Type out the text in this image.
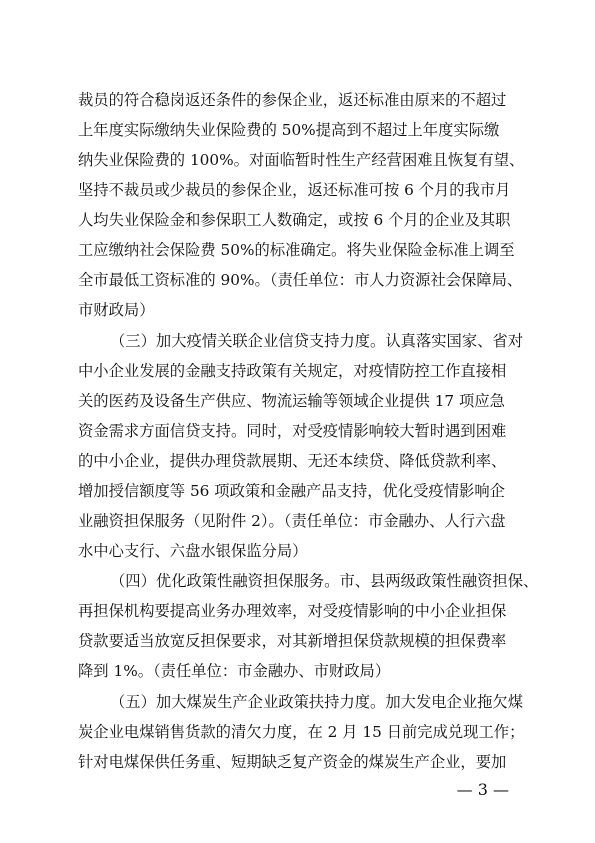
裁员的符合稳岗返还条件的参保企业，返还标准由原来的不超过
上年度实际缴纳失业保险费的 50%提高到不超过上年度实际缴
纳失业保险费的 100%。对面临暂时性生产经营困难且恢复有望、
坚持不裁员或少裁员的参保企业，返还标准可按 6 个月的我市月
人均失业保险金和参保职工人数确定，或按 6 个月的企业及其职
工应缴纳社会保险费 50%的标准确定。将失业保险金标准上调至
全市最低工资标准的 90%。（责任单位：市人力资源社会保障局、
市财政局）
（三）加大疫情关联企业信贷支持力度。认真落实国家、省对
中小企业发展的金融支持政策有关规定，对疫情防控工作直接相
关的医药及设备生产供应、物流运输等领域企业提供 17 项应急
资金需求方面信贷支持。同时，对受疫情影响较大暂时遇到困难
的中小企业，提供办理贷款展期、无还本续贷、降低贷款利率、
增加授信额度等 56 项政策和金融产品支持，优化受疫情影响企
业融资担保服务（见附件 2）。（责任单位：市金融办、人行六盘
水中心支行、六盘水银保监分局）
（四）优化政策性融资担保服务。市、县两级政策性融资担保、
再担保机构要提高业务办理效率，对受疫情影响的中小企业担保
贷款要适当放宽反担保要求，对其新增担保贷款规模的担保费率
降到 1%。（责任单位：市金融办、市财政局）
（五）加大煤炭生产企业政策扶持力度。加大发电企业拖欠煤
炭企业电煤销售货款的清欠力度，在 2 月 15 日前完成兑现工作；
针对电煤保供任务重、短期缺乏复产资金的煤炭生产企业，要加
— 3 —
